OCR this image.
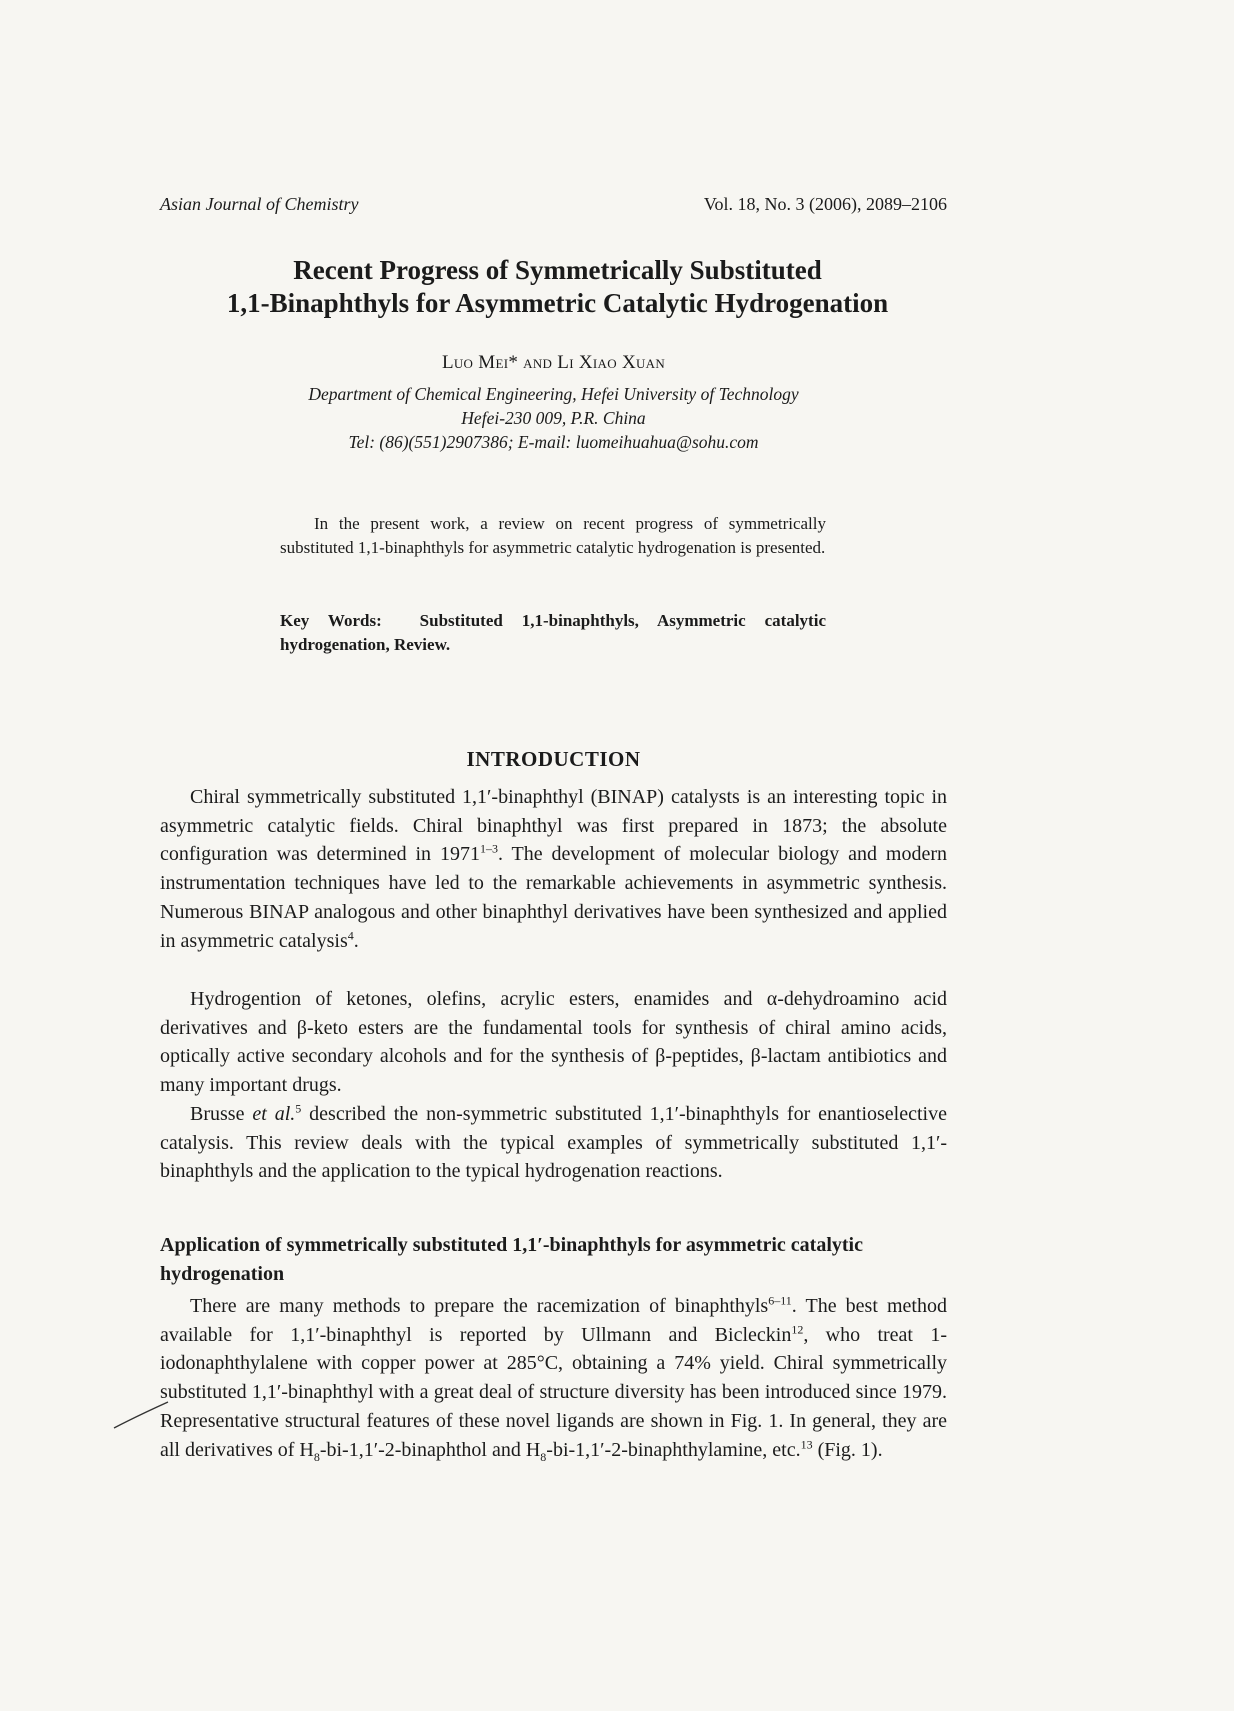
Asian Journal of Chemistry	Vol. 18, No. 3 (2006), 2089–2106
Recent Progress of Symmetrically Substituted
1,1-Binaphthyls for Asymmetric Catalytic Hydrogenation
Luo Mei* and Li Xiao Xuan
Department of Chemical Engineering, Hefei University of Technology
Hefei-230 009, P.R. China
Tel: (86)(551)2907386; E-mail: luomeihuahua@sohu.com
In the present work, a review on recent progress of symmetrically substituted 1,1-binaphthyls for asymmetric catalytic hydrogenation is presented.
Key Words: Substituted 1,1-binaphthyls, Asymmetric catalytic hydrogenation, Review.
INTRODUCTION

Chiral symmetrically substituted 1,1′-binaphthyl (BINAP) catalysts is an interesting topic in asymmetric catalytic fields. Chiral binaphthyl was first prepared in 1873; the absolute configuration was determined in 1971$^{1-3}$. The development of molecular biology and modern instrumentation techniques have led to the remarkable achievements in asymmetric synthesis. Numerous BINAP analogous and other binaphthyl derivatives have been synthesized and applied in asymmetric catalysis$^4$.

Hydrogention of ketones, olefins, acrylic esters, enamides and α-dehydroamino acid derivatives and β-keto esters are the fundamental tools for synthesis of chiral amino acids, optically active secondary alcohols and for the synthesis of β-peptides, β-lactam antibiotics and many important drugs.

Brusse et al.$^5$ described the non-symmetric substituted 1,1′-binaphthyls for enantioselective catalysis. This review deals with the typical examples of symmetrically substituted 1,1′-binaphthyls and the application to the typical hydrogenation reactions.

Application of symmetrically substituted 1,1′-binaphthyls for asymmetric catalytic hydrogenation

There are many methods to prepare the racemization of binaphthyls$^{6-11}$. The best method available for 1,1′-binaphthyl is reported by Ullmann and Bicleckin$^{12}$, who treat 1-iodonaphthylalene with copper power at 285°C, obtaining a 74% yield. Chiral symmetrically substituted 1,1′-binaphthyl with a great deal of structure diversity has been introduced since 1979. Representative structural features of these novel ligands are shown in Fig. 1. In general, they are all derivatives of $H_8-bi-1,1'-2$-binaphthol and $H_8-bi-1,1'-2$-binaphthylamine, etc.$^{13}$ (Fig. 1).
